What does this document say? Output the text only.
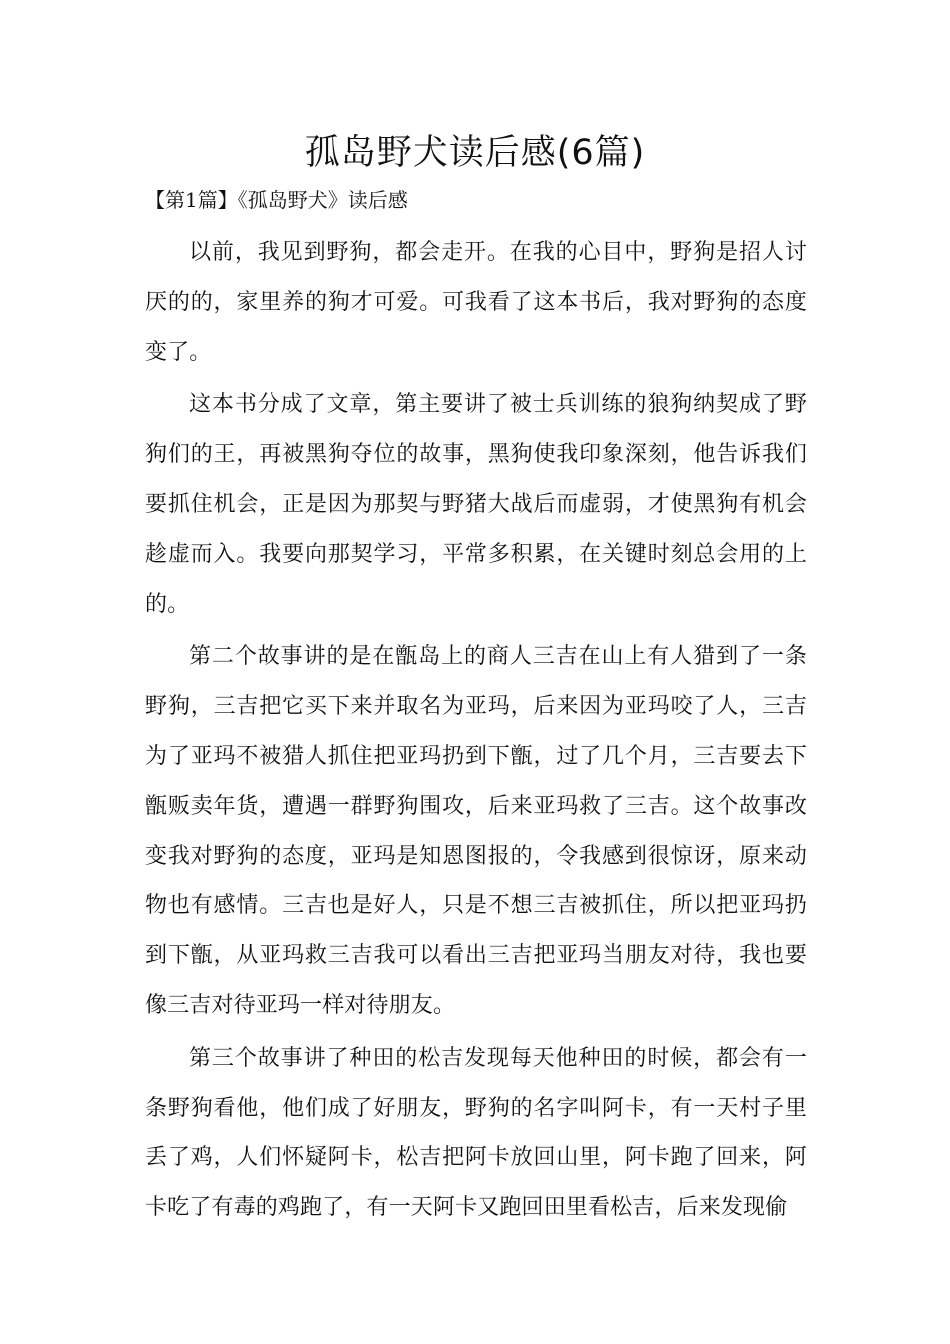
孤岛野犬读后感(6篇)
【第1篇】《孤岛野犬》读后感

以前，我见到野狗，都会走开。在我的心目中，野狗是招人讨厌的的，家里养的狗才可爱。可我看了这本书后，我对野狗的态度变了。

这本书分成了文章，第主要讲了被士兵训练的狼狗纳契成了野狗们的王，再被黑狗夺位的故事，黑狗使我印象深刻，他告诉我们要抓住机会，正是因为那契与野猪大战后而虚弱，才使黑狗有机会趁虚而入。我要向那契学习，平常多积累，在关键时刻总会用的上的。

第二个故事讲的是在甑岛上的商人三吉在山上有人猎到了一条野狗，三吉把它买下来并取名为亚玛，后来因为亚玛咬了人，三吉为了亚玛不被猎人抓住把亚玛扔到下甑，过了几个月，三吉要去下甑贩卖年货，遭遇一群野狗围攻，后来亚玛救了三吉。这个故事改变我对野狗的态度，亚玛是知恩图报的，令我感到很惊讶，原来动物也有感情。三吉也是好人，只是不想三吉被抓住，所以把亚玛扔到下甑，从亚玛救三吉我可以看出三吉把亚玛当朋友对待，我也要像三吉对待亚玛一样对待朋友。

第三个故事讲了种田的松吉发现每天他种田的时候，都会有一条野狗看他，他们成了好朋友，野狗的名字叫阿卡，有一天村子里丢了鸡，人们怀疑阿卡，松吉把阿卡放回山里，阿卡跑了回来，阿卡吃了有毒的鸡跑了，有一天阿卡又跑回田里看松吉，后来发现偷
